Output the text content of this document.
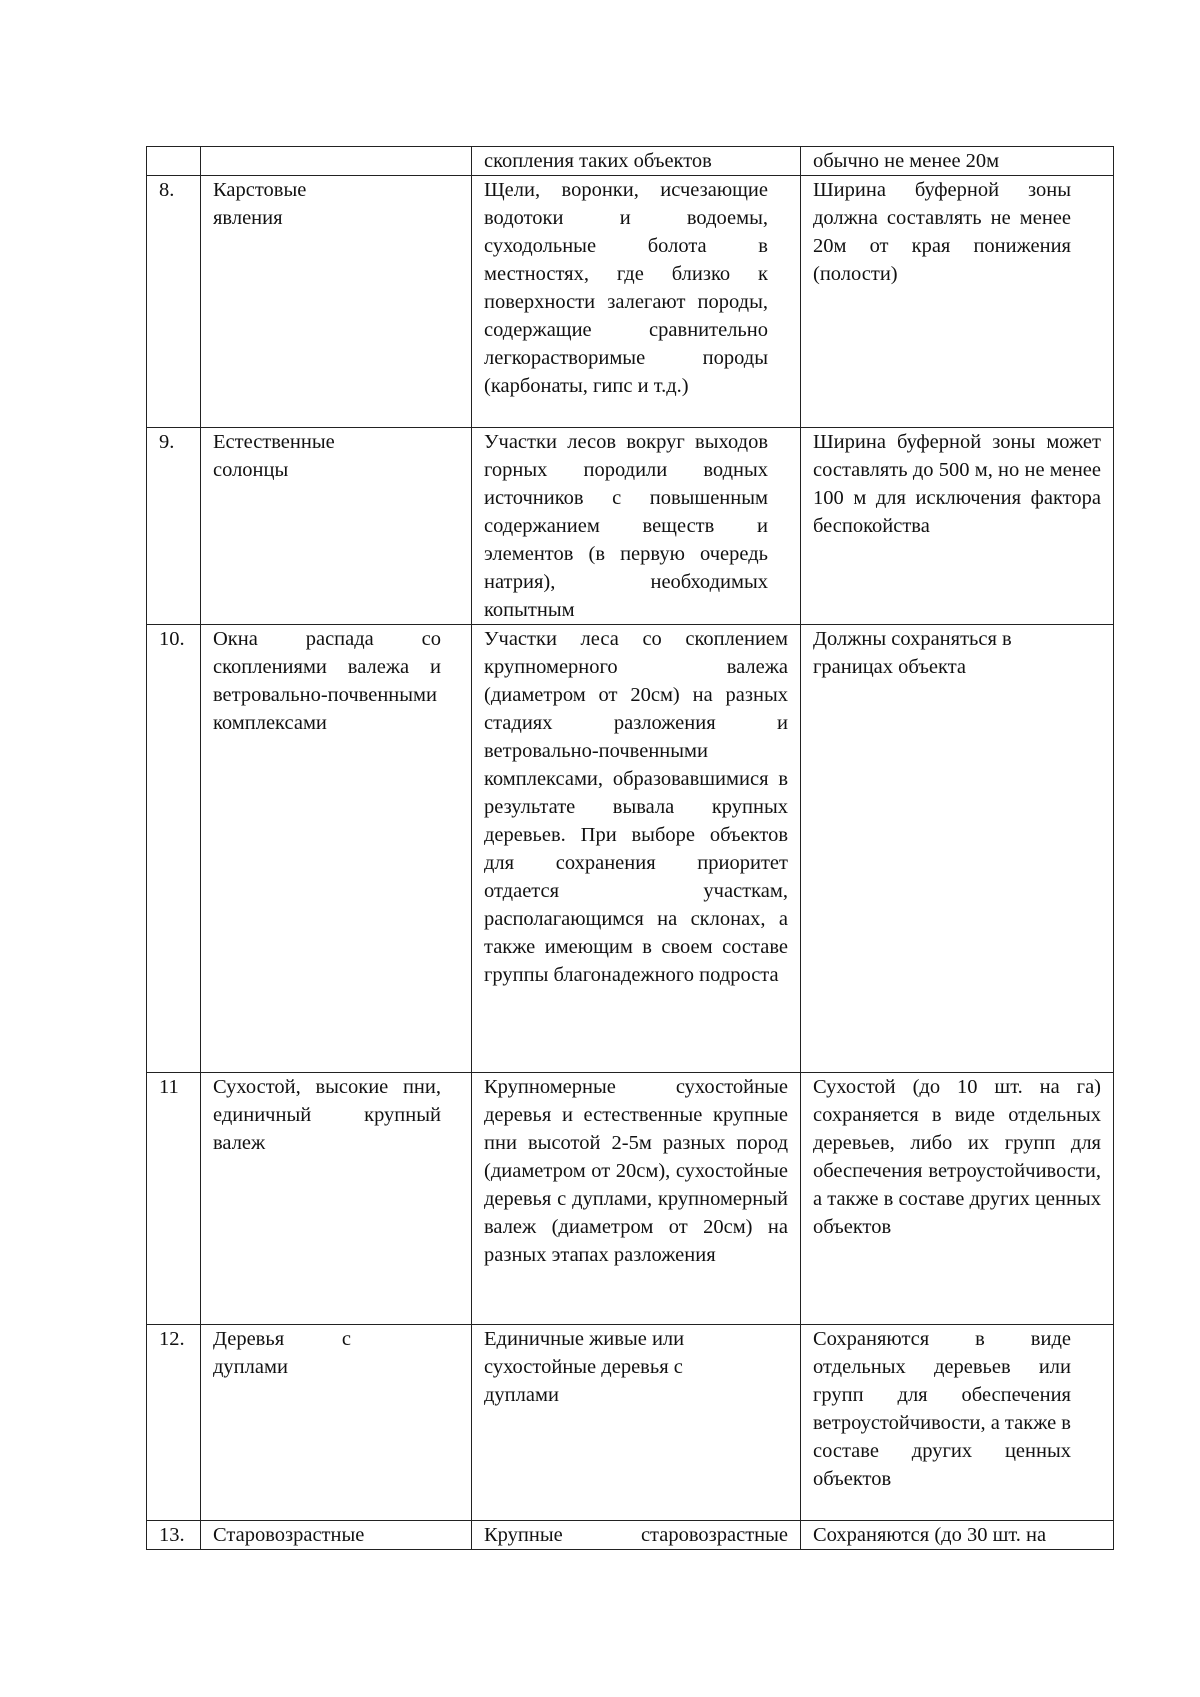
		скопления таких объектов	обычно не менее 20м
8.	Карстовые явления	Щели, воронки, исчезающие водотоки и водоемы, суходольные болота в местностях, где близко к поверхности залегают породы, содержащие сравнительно легкорастворимые породы (карбонаты, гипс и т.д.)	Ширина буферной зоны должна составлять не менее 20м от края понижения (полости)
9.	Естественные солонцы	Участки лесов вокруг выходов горных породили водных источников с повышенным содержанием веществ и элементов (в первую очередь натрия), необходимых копытным	Ширина буферной зоны может составлять до 500 м, но не менее 100 м для исключения фактора беспокойства
10.	Окна распада со скоплениями валежа и ветровально-почвенными комплексами	Участки леса со скоплением крупномерного валежа (диаметром от 20см) на разных стадиях разложения и ветровально-почвенными комплексами, образовавшимися в результате вывала крупных деревьев. При выборе объектов для сохранения приоритет отдается участкам, располагающимся на склонах, а также имеющим в своем составе группы благонадежного подроста	Должны сохраняться в границах объекта
11	Сухостой, высокие пни, единичный крупный валеж	Крупномерные сухостойные деревья и естественные крупные пни высотой 2-5м разных пород (диаметром от 20см), сухостойные деревья с дуплами, крупномерный валеж (диаметром от 20см) на разных этапах разложения	Сухостой (до 10 шт. на га) сохраняется в виде отдельных деревьев, либо их групп для обеспечения ветроустойчивости, а также в составе других ценных объектов
12.	Деревья с дуплами	Единичные живые или сухостойные деревья с дуплами	Сохраняются в виде отдельных деревьев или групп для обеспечения ветроустойчивости, а также в составе других ценных объектов
13.	Старовозрастные	Крупные старовозрастные	Сохраняются (до 30 шт. на
